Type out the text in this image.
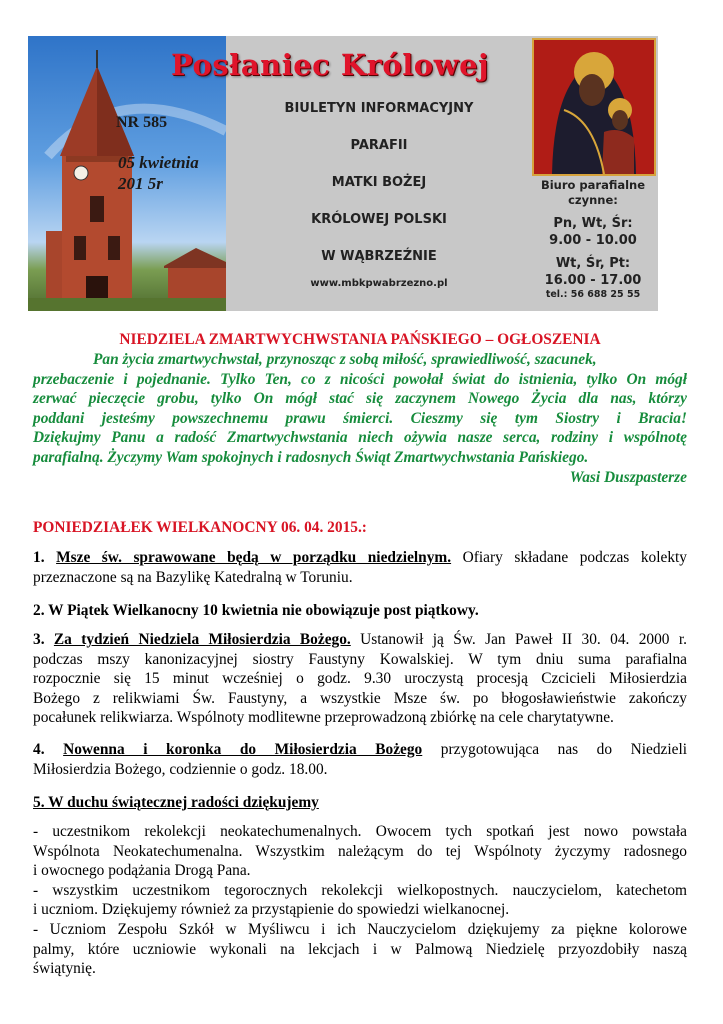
NR 585
05 kwietnia
201 5r
Posłaniec Królowej
BIULETYN INFORMACYJNY
PARAFII
MATKI BOŻEJ
KRÓLOWEJ POLSKI
W WĄBRZEŹNIE
www.mbkpwabrzezno.pl
Biuro parafialne
czynne:
Pn, Wt, Śr:
9.00 - 10.00
Wt, Śr, Pt:
16.00 - 17.00
tel.: 56 688 25 55
NIEDZIELA ZMARTWYCHWSTANIA PAŃSKIEGO – OGŁOSZENIA
Pan życia zmartwychwstał, przynosząc z sobą miłość, sprawiedliwość, szacunek,
przebaczenie i pojednanie. Tylko Ten, co z nicości powołał świat do istnienia, tylko On mógł
zerwać pieczęcie grobu, tylko On mógł stać się zaczynem Nowego Życia dla nas, którzy
poddani jesteśmy powszechnemu prawu śmierci. Cieszmy się tym Siostry i Bracia!
Dziękujmy Panu a radość Zmartwychwstania niech ożywia nasze serca, rodziny i wspólnotę
parafialną. Życzymy Wam spokojnych i radosnych Świąt Zmartwychwstania Pańskiego.
Wasi Duszpasterze
PONIEDZIAŁEK WIELKANOCNY 06. 04. 2015.:
1. Msze św. sprawowane będą w porządku niedzielnym. Ofiary składane podczas kolekty
przeznaczone są na Bazylikę Katedralną w Toruniu.
2. W Piątek Wielkanocny 10 kwietnia nie obowiązuje post piątkowy.
3. Za tydzień Niedziela Miłosierdzia Bożego. Ustanowił ją Św. Jan Paweł II 30. 04. 2000 r.
podczas mszy kanonizacyjnej siostry Faustyny Kowalskiej. W tym dniu suma parafialna
rozpocznie się 15 minut wcześniej o godz. 9.30 uroczystą procesją Czcicieli Miłosierdzia
Bożego z relikwiami Św. Faustyny, a wszystkie Msze św. po błogosławieństwie zakończy
pocałunek relikwiarza. Wspólnoty modlitewne przeprowadzoną zbiórkę na cele charytatywne.
4. Nowenna i koronka do Miłosierdzia Bożego przygotowująca nas do Niedzieli
Miłosierdzia Bożego, codziennie o godz. 18.00.
5. W duchu świątecznej radości dziękujemy
- uczestnikom rekolekcji neokatechumenalnych. Owocem tych spotkań jest nowo powstała
Wspólnota Neokatechumenalna. Wszystkim należącym do tej Wspólnoty życzymy radosnego
i owocnego podążania Drogą Pana.
- wszystkim uczestnikom tegorocznych rekolekcji wielkopostnych. nauczycielom, katechetom
i uczniom. Dziękujemy również za przystąpienie do spowiedzi wielkanocnej.
- Uczniom Zespołu Szkół w Myśliwcu i ich Nauczycielom dziękujemy za piękne kolorowe
palmy, które uczniowie wykonali na lekcjach i w Palmową Niedzielę przyozdobiły naszą
świątynię.
